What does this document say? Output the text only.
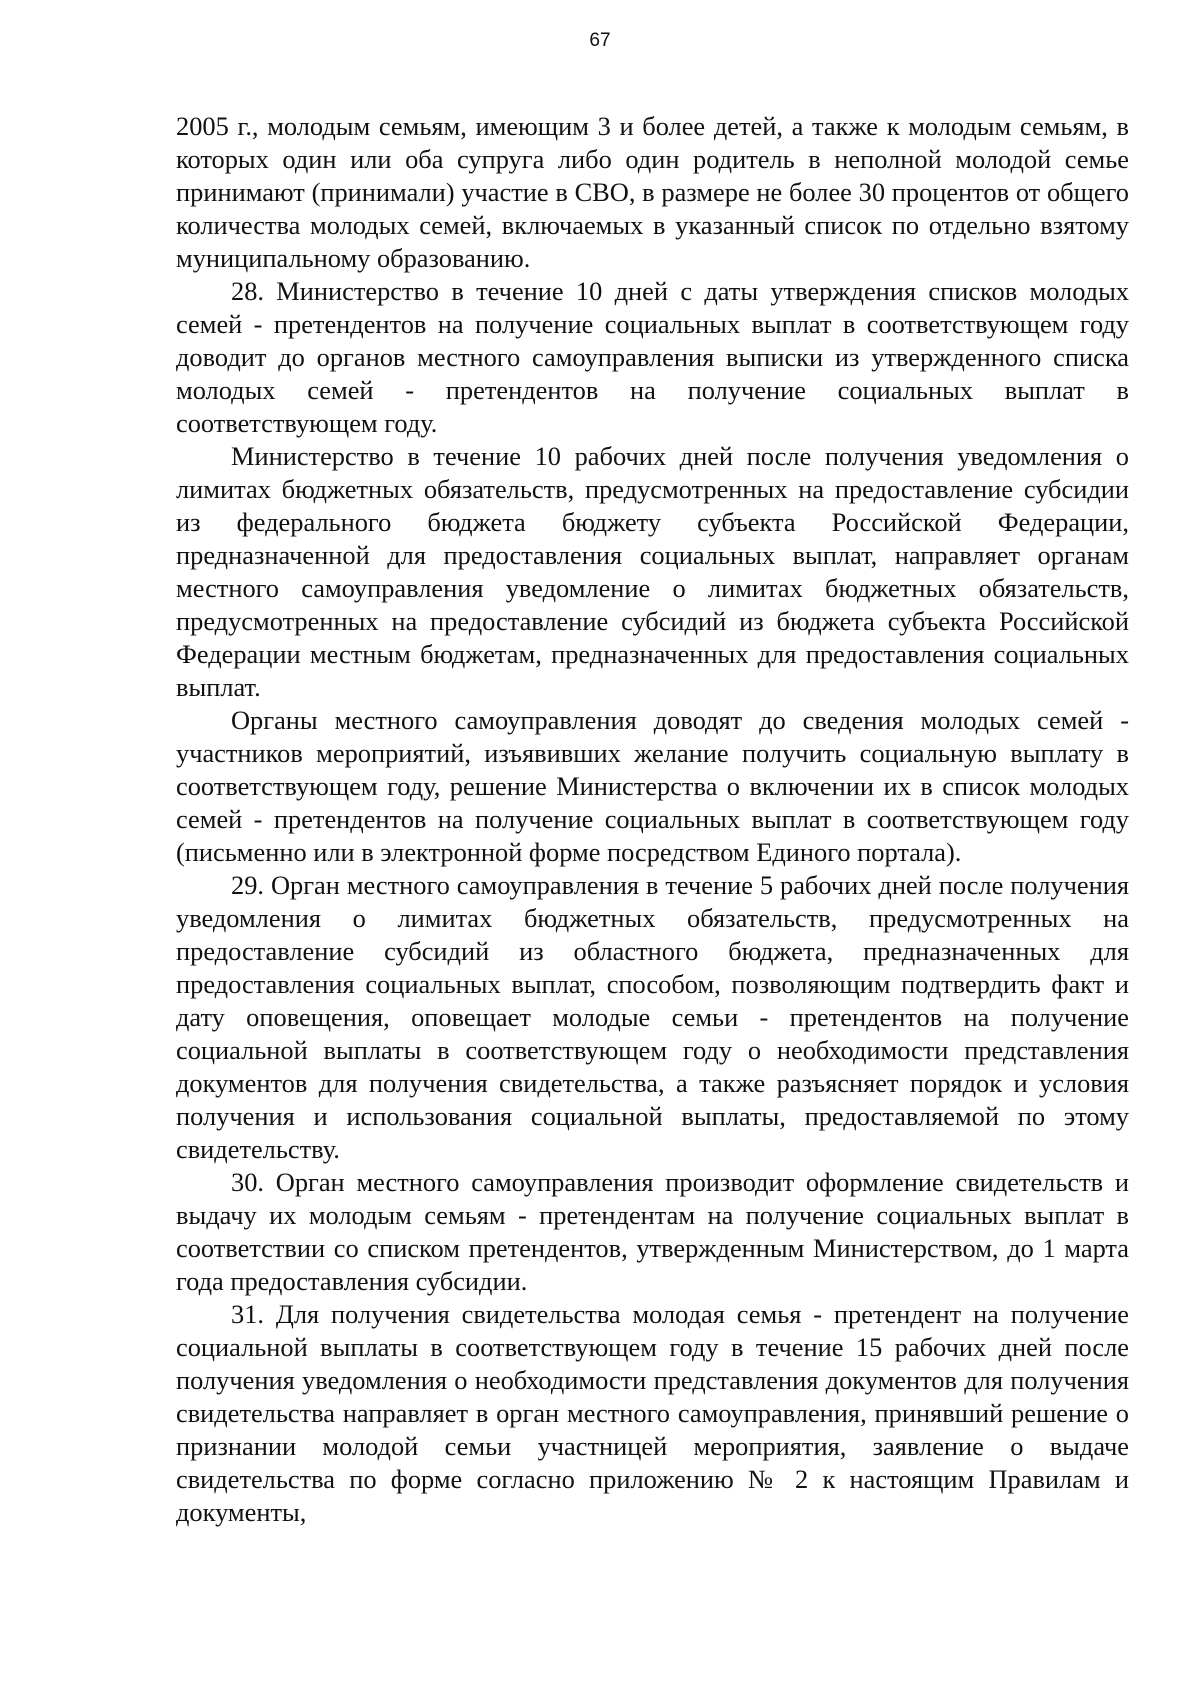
67

2005 г., молодым семьям, имеющим 3 и более детей, а также к молодым семьям, в которых один или оба супруга либо один родитель в неполной молодой семье принимают (принимали) участие в СВО, в размере не более 30 процентов от общего количества молодых семей, включаемых в указанный список по отдельно взятому муниципальному образованию.

28. Министерство в течение 10 дней с даты утверждения списков молодых семей - претендентов на получение социальных выплат в соответствующем году доводит до органов местного самоуправления выписки из утвержденного списка молодых семей - претендентов на получение социальных выплат в соответствующем году.

Министерство в течение 10 рабочих дней после получения уведомления о лимитах бюджетных обязательств, предусмотренных на предоставление субсидии из федерального бюджета бюджету субъекта Российской Федерации, предназначенной для предоставления социальных выплат, направляет органам местного самоуправления уведомление о лимитах бюджетных обязательств, предусмотренных на предоставление субсидий из бюджета субъекта Российской Федерации местным бюджетам, предназначенных для предоставления социальных выплат.

Органы местного самоуправления доводят до сведения молодых семей - участников мероприятий, изъявивших желание получить социальную выплату в соответствующем году, решение Министерства о включении их в список молодых семей - претендентов на получение социальных выплат в соответствующем году (письменно или в электронной форме посредством Единого портала).

29. Орган местного самоуправления в течение 5 рабочих дней после получения уведомления о лимитах бюджетных обязательств, предусмотренных на предоставление субсидий из областного бюджета, предназначенных для предоставления социальных выплат, способом, позволяющим подтвердить факт и дату оповещения, оповещает молодые семьи - претендентов на получение социальной выплаты в соответствующем году о необходимости представления документов для получения свидетельства, а также разъясняет порядок и условия получения и использования социальной выплаты, предоставляемой по этому свидетельству.

30. Орган местного самоуправления производит оформление свидетельств и выдачу их молодым семьям - претендентам на получение социальных выплат в соответствии со списком претендентов, утвержденным Министерством, до 1 марта года предоставления субсидии.

31. Для получения свидетельства молодая семья - претендент на получение социальной выплаты в соответствующем году в течение 15 рабочих дней после получения уведомления о необходимости представления документов для получения свидетельства направляет в орган местного самоуправления, принявший решение о признании молодой семьи участницей мероприятия, заявление о выдаче свидетельства по форме согласно приложению № 2 к настоящим Правилам и документы,
